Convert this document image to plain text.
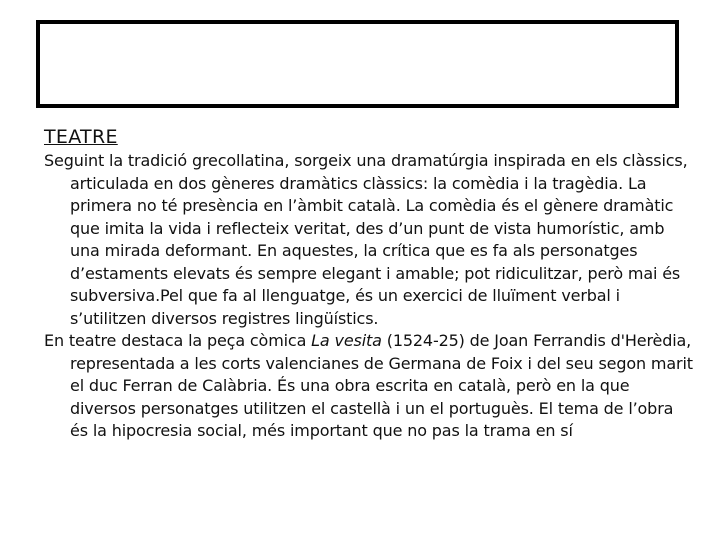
TEATRE

Seguint la tradició grecollatina, sorgeix una dramatúrgia inspirada en els clàssics, articulada en dos gèneres dramàtics clàssics: la comèdia i la tragèdia. La primera no té presència en l’àmbit català. La comèdia és el gènere dramàtic que imita la vida i reflecteix veritat, des d’un punt de vista humorístic, amb una mirada deformant. En aquestes, la crítica que es fa als personatges d’estaments elevats és sempre elegant i amable; pot ridiculitzar, però mai és subversiva.Pel que fa al llenguatge, és un exercici de lluïment verbal i s’utilitzen diversos registres lingüístics.

En teatre destaca la peça còmica La vesita (1524-25) de Joan Ferrandis d'Herèdia, representada a les corts valencianes de Germana de Foix i del seu segon marit el duc Ferran de Calàbria. És una obra escrita en català, però en la que diversos personatges utilitzen el castellà i un el portuguès. El tema de l’obra és la hipocresia social, més important que no pas la trama en sí
